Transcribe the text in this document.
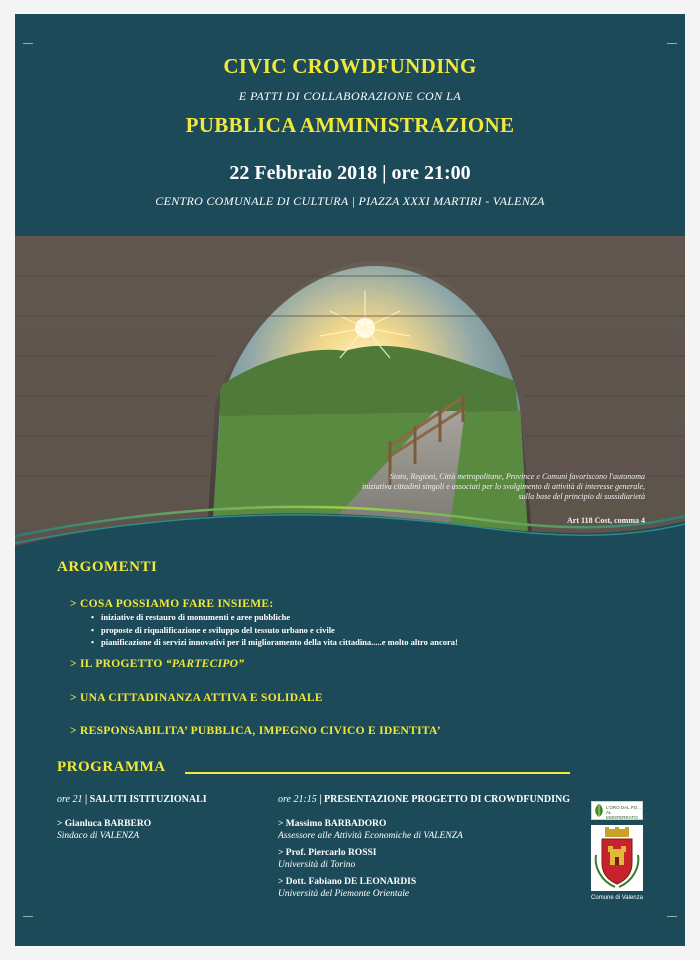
CIVIC CROWDFUNDING
E PATTI DI COLLABORAZIONE CON LA
PUBBLICA AMMINISTRAZIONE
22 Febbraio 2018 | ore 21:00
CENTRO COMUNALE DI CULTURA | PIAZZA XXXI MARTIRI - VALENZA
Stato, Regioni, Città metropolitane, Province e Comuni favoriscono l'autonoma
iniziativa cittadini singoli e associati per lo svolgimento di attività di interesse generale,
sulla base del principio di sussidiarietà
Art 118 Cost, comma 4
ARGOMENTI
> COSA POSSIAMO FARE INSIEME:
• iniziative di restauro di monumenti e aree pubbliche
• proposte di riqualificazione e sviluppo del tessuto urbano e civile
• pianificazione di servizi innovativi per il miglioramento della vita cittadina.....e molto altro ancora!
> IL PROGETTO “PARTECIPO”
> UNA CITTADINANZA ATTIVA E SOLIDALE
> RESPONSABILITA’ PUBBLICA, IMPEGNO CIVICO E IDENTITA’
PROGRAMMA
ore 21 | SALUTI ISTITUZIONALI	ore 21:15 | PRESENTAZIONE PROGETTO DI CROWDFUNDING
> Gianluca BARBERO
Sindaco di VALENZA
> Massimo BARBADORO
Assessore alle Attività Economiche di VALENZA
> Prof. Piercarlo ROSSI
Università di Torino
> Dott. Fabiano DE LEONARDIS
Università del Piemonte Orientale
L'ORO DAL PO...
AL MONFERRATO
Comune di Valenza
